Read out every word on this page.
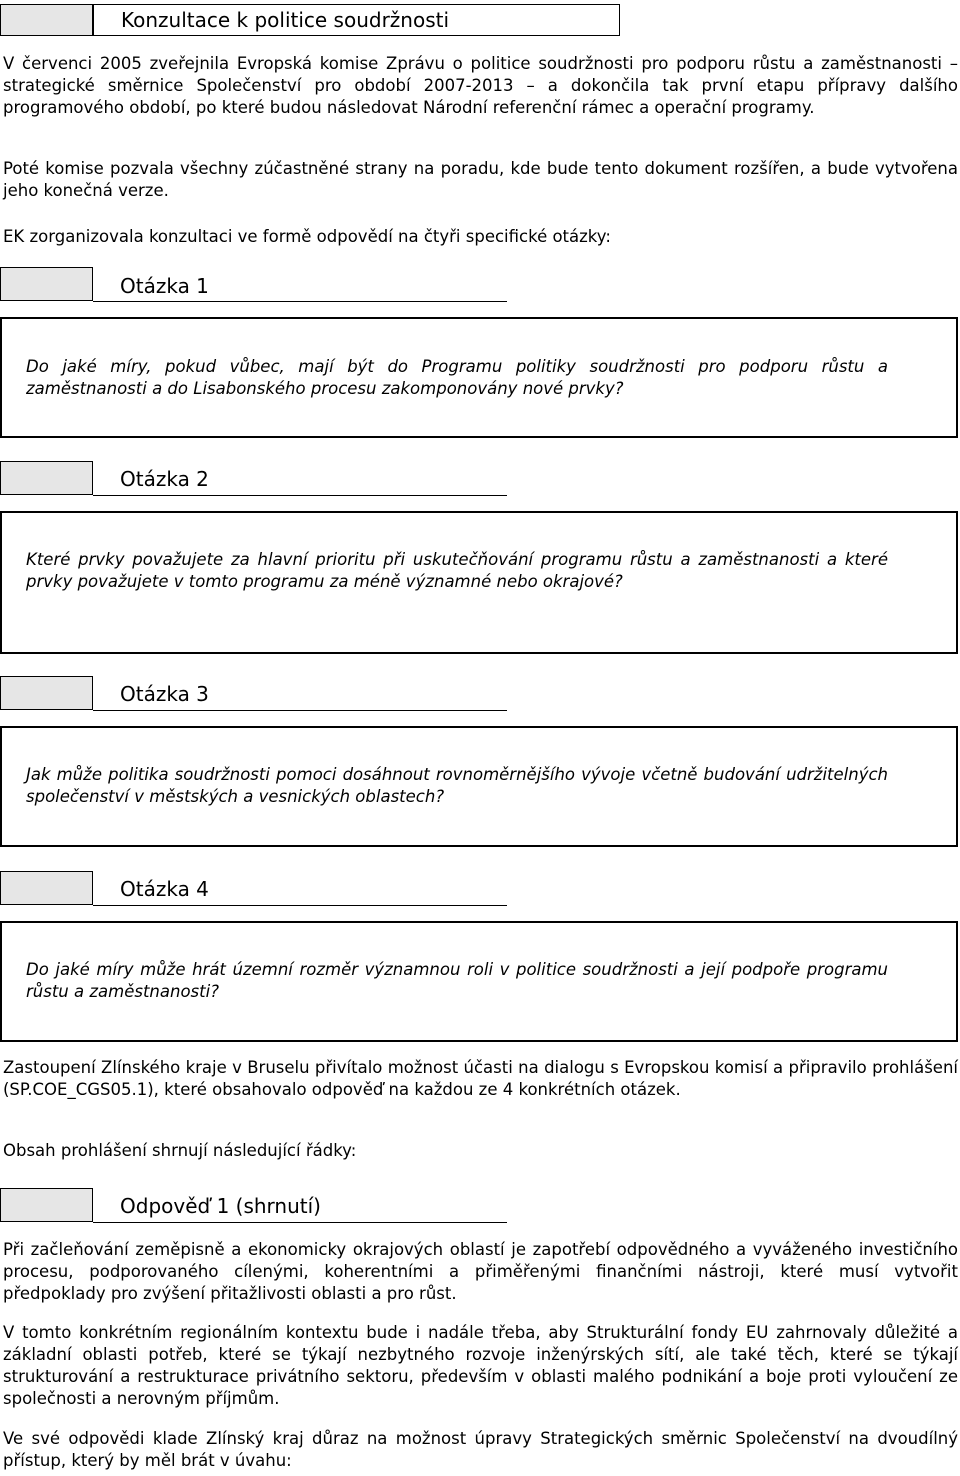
Konzultace k politice soudržnosti

V červenci 2005 zveřejnila Evropská komise Zprávu o politice soudržnosti pro podporu růstu a zaměstnanosti – strategické směrnice Společenství pro období 2007-2013 – a dokončila tak první etapu přípravy dalšího programového období, po které budou následovat Národní referenční rámec a operační programy.

Poté komise pozvala všechny zúčastněné strany na poradu, kde bude tento dokument rozšířen, a bude vytvořena jeho konečná verze.

EK zorganizovala konzultaci ve formě odpovědí na čtyři specifické otázky:

Otázka 1

Do jaké míry, pokud vůbec, mají být do Programu politiky soudržnosti pro podporu růstu a zaměstnanosti a do Lisabonského procesu zakomponovány nové prvky?

Otázka 2

Které prvky považujete za hlavní prioritu při uskutečňování programu růstu a zaměstnanosti a které prvky považujete v tomto programu za méně významné nebo okrajové?

Otázka 3

Jak může politika soudržnosti pomoci dosáhnout rovnoměrnějšího vývoje včetně budování udržitelných společenství v městských a vesnických oblastech?

Otázka 4

Do jaké míry může hrát územní rozměr významnou roli v politice soudržnosti a její podpoře programu růstu a zaměstnanosti?

Zastoupení Zlínského kraje v Bruselu přivítalo možnost účasti na dialogu s Evropskou komisí a připravilo prohlášení (SP.COE_CGS05.1), které obsahovalo odpověď na každou ze 4 konkrétních otázek.

Obsah prohlášení shrnují následující řádky:

Odpověď 1 (shrnutí)

Při začleňování zeměpisně a ekonomicky okrajových oblastí je zapotřebí odpovědného a vyváženého investičního procesu, podporovaného cílenými, koherentními a přiměřenými finančními nástroji, které musí vytvořit předpoklady pro zvýšení přitažlivosti oblasti a pro růst.

V tomto konkrétním regionálním kontextu bude i nadále třeba, aby Strukturální fondy EU zahrnovaly důležité a základní oblasti potřeb, které se týkají nezbytného rozvoje inženýrských sítí, ale také těch, které se týkají strukturování a restrukturace privátního sektoru, především v oblasti malého podnikání a boje proti vyloučení ze společnosti a nerovným příjmům.

Ve své odpovědi klade Zlínský kraj důraz na možnost úpravy Strategických směrnic Společenství na dvoudílný přístup, který by měl brát v úvahu:
